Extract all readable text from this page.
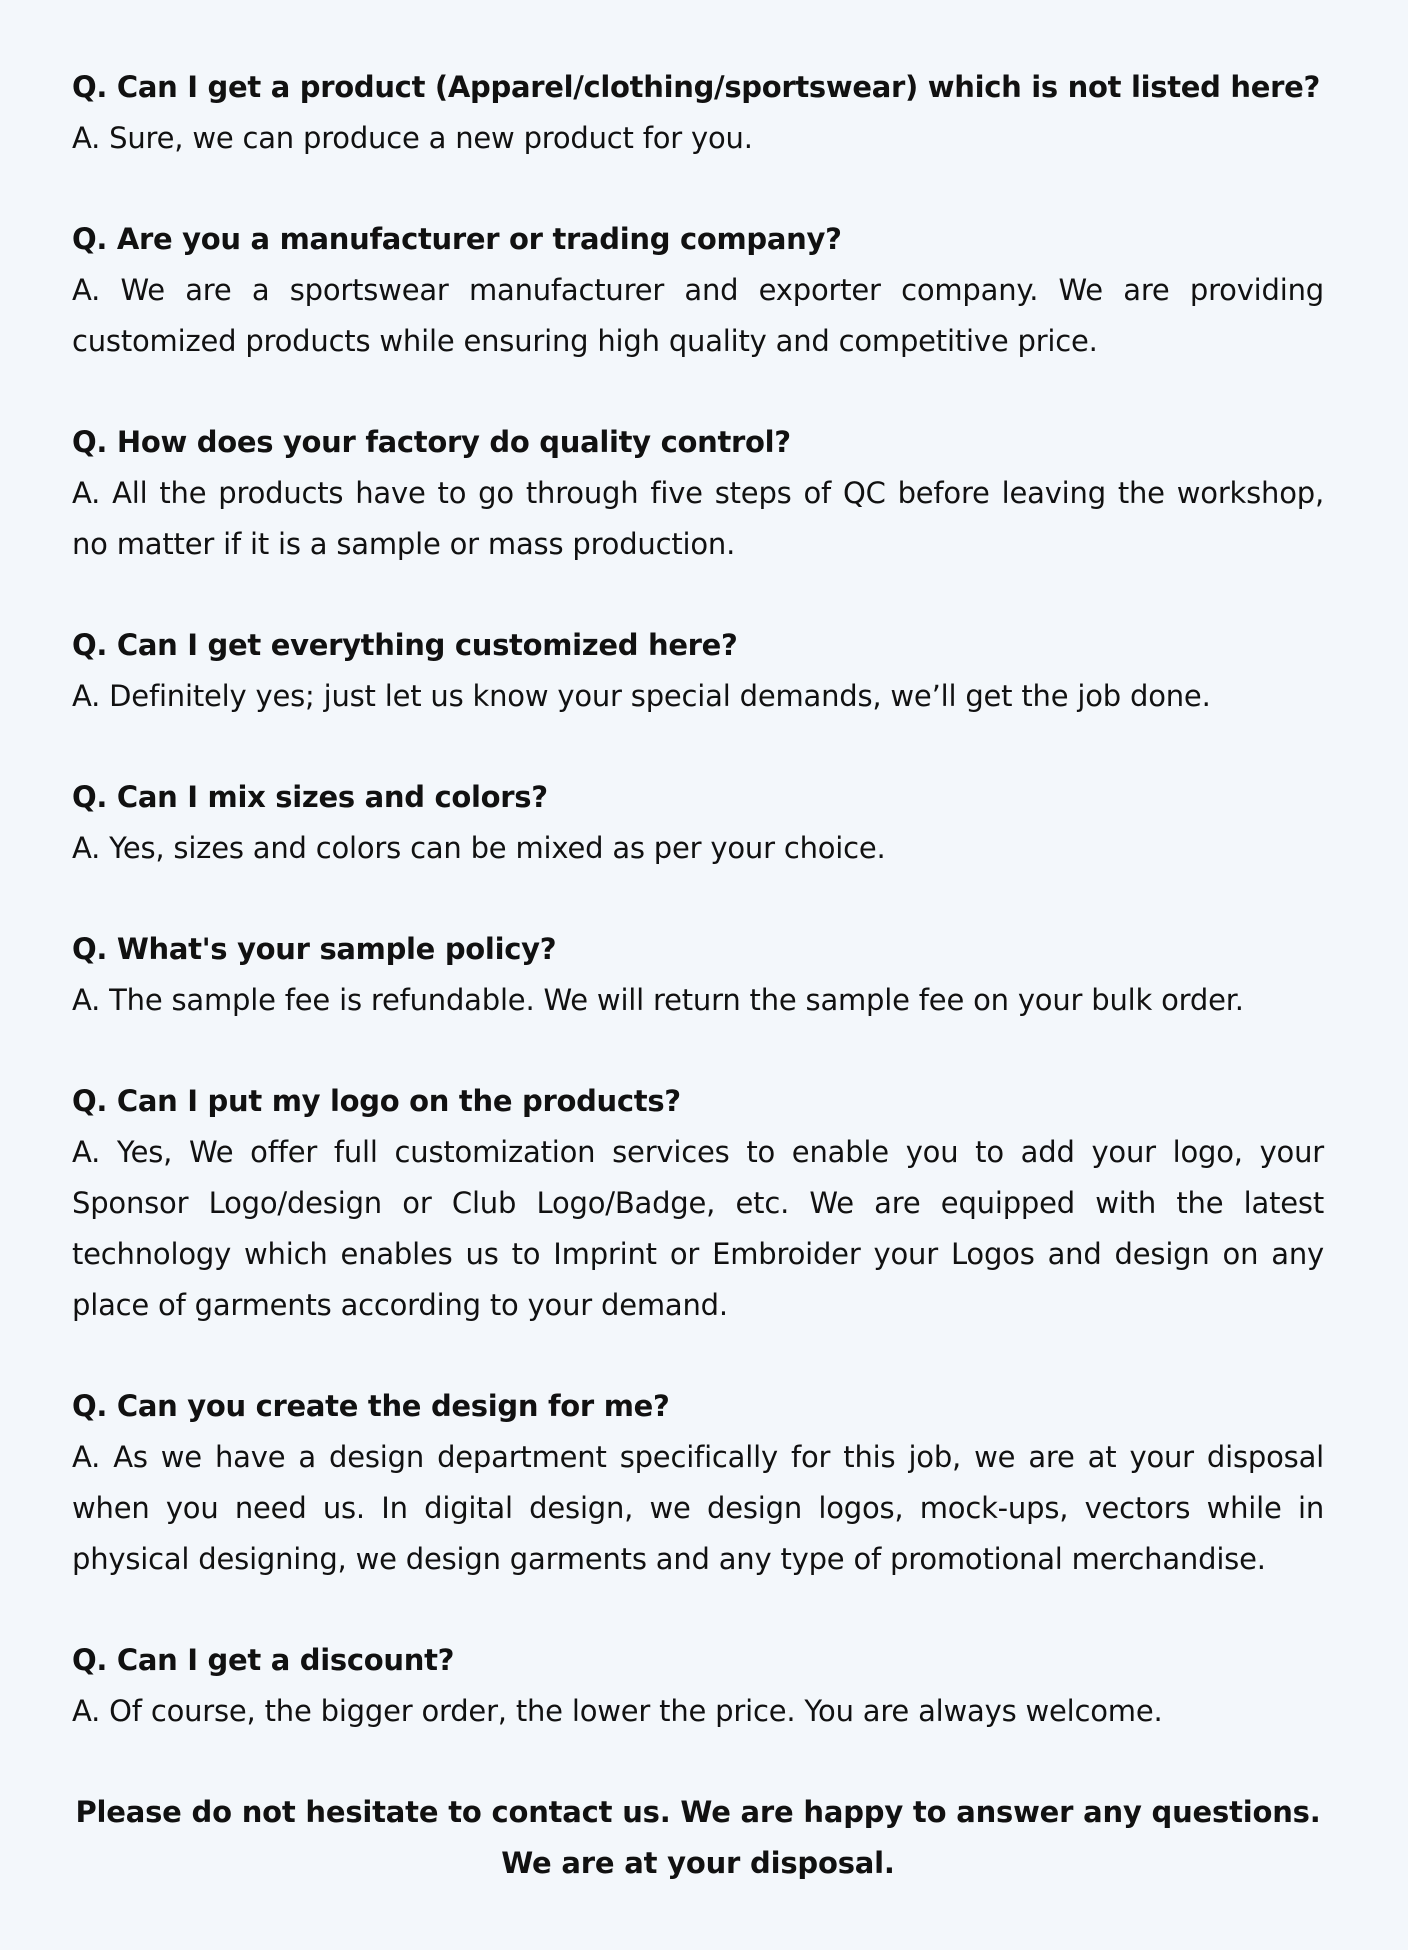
Q. Can I get a product (Apparel/clothing/sportswear) which is not listed here?

A. Sure, we can produce a new product for you.

Q. Are you a manufacturer or trading company?

A. We are a sportswear manufacturer and exporter company. We are providing customized products while ensuring high quality and competitive price.

Q. How does your factory do quality control?

A. All the products have to go through five steps of QC before leaving the workshop, no matter if it is a sample or mass production.

Q. Can I get everything customized here?

A. Definitely yes; just let us know your special demands, we’ll get the job done.

Q. Can I mix sizes and colors?

A. Yes, sizes and colors can be mixed as per your choice.

Q. What's your sample policy?

A. The sample fee is refundable. We will return the sample fee on your bulk order.

Q. Can I put my logo on the products?

A. Yes, We offer full customization services to enable you to add your logo, your Sponsor Logo/design or Club Logo/Badge, etc. We are equipped with the latest technology which enables us to Imprint or Embroider your Logos and design on any place of garments according to your demand.

Q. Can you create the design for me?

A. As we have a design department specifically for this job, we are at your disposal when you need us. In digital design, we design logos, mock-ups, vectors while in physical designing, we design garments and any type of promotional merchandise.

Q. Can I get a discount?

A. Of course, the bigger order, the lower the price. You are always welcome.

Please do not hesitate to contact us. We are happy to answer any questions. We are at your disposal.
